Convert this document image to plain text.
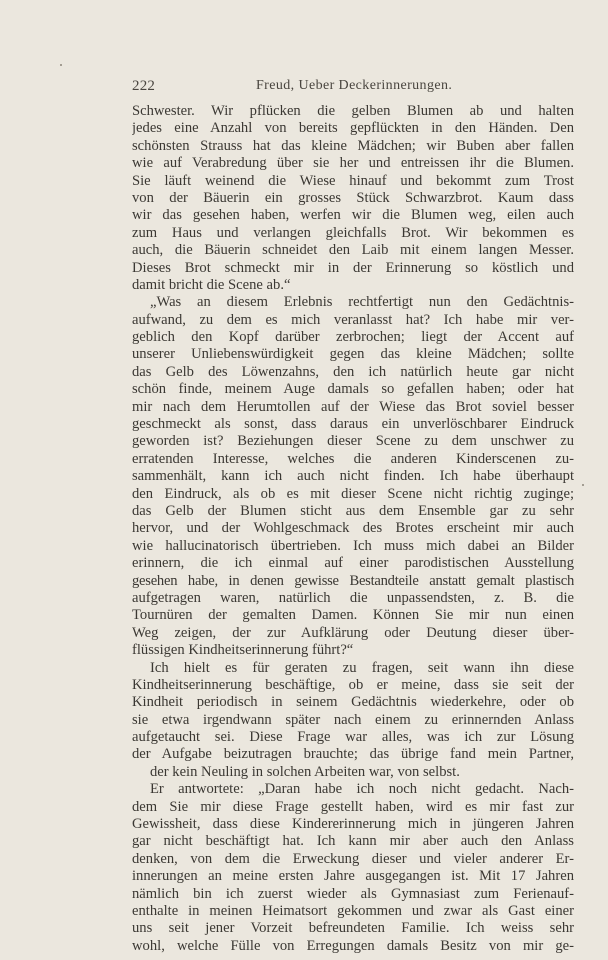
222	Freud, Ueber Deckerinnerungen.
Schwester. Wir pflücken die gelben Blumen ab und halten
jedes eine Anzahl von bereits gepflückten in den Händen. Den
schönsten Strauss hat das kleine Mädchen; wir Buben aber fallen
wie auf Verabredung über sie her und entreissen ihr die Blumen.
Sie läuft weinend die Wiese hinauf und bekommt zum Trost
von der Bäuerin ein grosses Stück Schwarzbrot. Kaum dass
wir das gesehen haben, werfen wir die Blumen weg, eilen auch
zum Haus und verlangen gleichfalls Brot. Wir bekommen es
auch, die Bäuerin schneidet den Laib mit einem langen Messer.
Dieses Brot schmeckt mir in der Erinnerung so köstlich und
damit bricht die Scene ab.“
„Was an diesem Erlebnis rechtfertigt nun den Gedächtnis-
aufwand, zu dem es mich veranlasst hat? Ich habe mir ver-
geblich den Kopf darüber zerbrochen; liegt der Accent auf
unserer Unliebenswürdigkeit gegen das kleine Mädchen; sollte
das Gelb des Löwenzahns, den ich natürlich heute gar nicht
schön finde, meinem Auge damals so gefallen haben; oder hat
mir nach dem Herumtollen auf der Wiese das Brot soviel besser
geschmeckt als sonst, dass daraus ein unverlöschbarer Eindruck
geworden ist? Beziehungen dieser Scene zu dem unschwer zu
erratenden Interesse, welches die anderen Kinderscenen zu-
sammenhält, kann ich auch nicht finden. Ich habe überhaupt
den Eindruck, als ob es mit dieser Scene nicht richtig zuginge;
das Gelb der Blumen sticht aus dem Ensemble gar zu sehr
hervor, und der Wohlgeschmack des Brotes erscheint mir auch
wie hallucinatorisch übertrieben. Ich muss mich dabei an Bilder
erinnern, die ich einmal auf einer parodistischen Ausstellung
gesehen habe, in denen gewisse Bestandteile anstatt gemalt plastisch
aufgetragen waren, natürlich die unpassendsten, z. B. die
Tournüren der gemalten Damen. Können Sie mir nun einen
Weg zeigen, der zur Aufklärung oder Deutung dieser über-
flüssigen Kindheitserinnerung führt?“
Ich hielt es für geraten zu fragen, seit wann ihn diese
Kindheitserinnerung beschäftige, ob er meine, dass sie seit der
Kindheit periodisch in seinem Gedächtnis wiederkehre, oder ob
sie etwa irgendwann später nach einem zu erinnernden Anlass
aufgetaucht sei. Diese Frage war alles, was ich zur Lösung
der Aufgabe beizutragen brauchte; das übrige fand mein Partner,
der kein Neuling in solchen Arbeiten war, von selbst.
Er antwortete: „Daran habe ich noch nicht gedacht. Nach-
dem Sie mir diese Frage gestellt haben, wird es mir fast zur
Gewissheit, dass diese Kindererinnerung mich in jüngeren Jahren
gar nicht beschäftigt hat. Ich kann mir aber auch den Anlass
denken, von dem die Erweckung dieser und vieler anderer Er-
innerungen an meine ersten Jahre ausgegangen ist. Mit 17 Jahren
nämlich bin ich zuerst wieder als Gymnasiast zum Ferienauf-
enthalte in meinen Heimatsort gekommen und zwar als Gast einer
uns seit jener Vorzeit befreundeten Familie. Ich weiss sehr
wohl, welche Fülle von Erregungen damals Besitz von mir ge-
